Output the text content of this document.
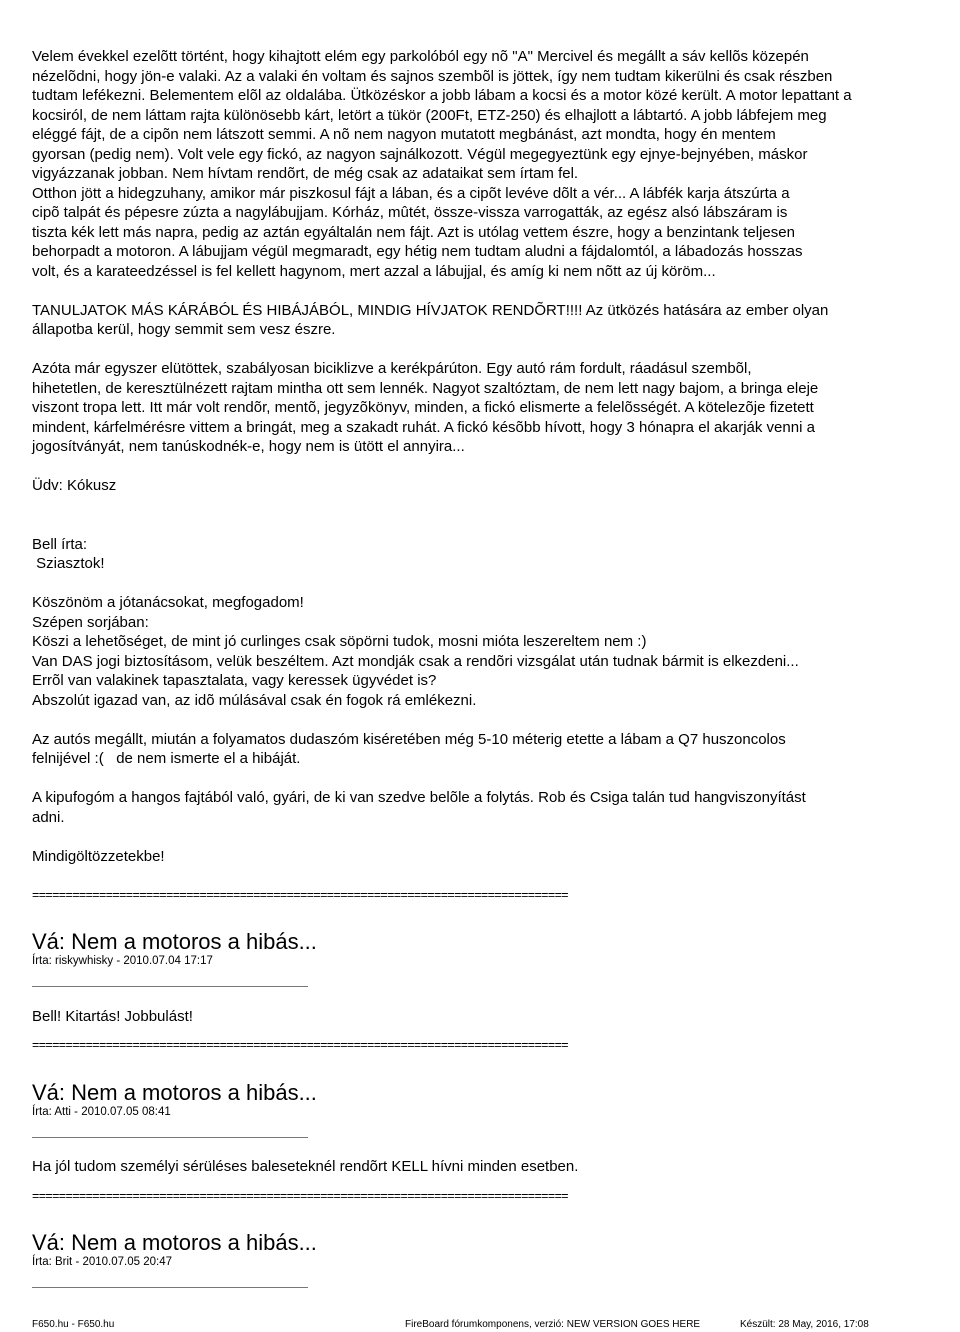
Velem évekkel ezelõtt történt, hogy kihajtott elém egy parkolóból egy nõ "A" Mercivel és megállt a sáv kellõs közepén
nézelõdni, hogy jön-e valaki. Az a valaki én voltam és sajnos szembõl is jöttek, így nem tudtam kikerülni és csak részben
tudtam lefékezni. Belementem elõl az oldalába. Ütközéskor a jobb lábam a kocsi és a motor közé került. A motor lepattant a
kocsiról, de nem láttam rajta különösebb kárt, letört a tükör (200Ft, ETZ-250) és elhajlott a lábtartó. A jobb lábfejem meg
eléggé fájt, de a cipõn nem látszott semmi. A nõ nem nagyon mutatott megbánást, azt mondta, hogy én mentem
gyorsan (pedig nem). Volt vele egy fickó, az nagyon sajnálkozott. Végül megegyeztünk egy ejnye-bejnyében, máskor
vigyázzanak jobban. Nem hívtam rendõrt, de még csak az adataikat sem írtam fel.
Otthon jött a hidegzuhany, amikor már piszkosul fájt a lában, és a cipõt levéve dõlt a vér... A lábfék karja átszúrta a
cipõ talpát és pépesre zúzta a nagylábujjam. Kórház, mûtét, össze-vissza varrogatták, az egész alsó lábszáram is
tiszta kék lett más napra, pedig az aztán egyáltalán nem fájt. Azt is utólag vettem észre, hogy a benzintank teljesen
behorpadt a motoron. A lábujjam végül megmaradt, egy hétig nem tudtam aludni a fájdalomtól, a lábadozás hosszas
volt, és a karateedzéssel is fel kellett hagynom, mert azzal a lábujjal, és amíg ki nem nõtt az új köröm...
TANULJATOK MÁS KÁRÁBÓL ÉS HIBÁJÁBÓL, MINDIG HÍVJATOK RENDÕRT!!!! Az ütközés hatására az ember olyan
állapotba kerül, hogy semmit sem vesz észre.
Azóta már egyszer elütöttek, szabályosan biciklizve a kerékpárúton. Egy autó rám fordult, ráadásul szembõl,
hihetetlen, de keresztülnézett rajtam mintha ott sem lennék. Nagyot szaltóztam, de nem lett nagy bajom, a bringa eleje
viszont tropa lett. Itt már volt rendõr, mentõ, jegyzõkönyv, minden, a fickó elismerte a felelõsségét. A kötelezõje fizetett
mindent, kárfelmérésre vittem a bringát, meg a szakadt ruhát. A fickó késõbb hívott, hogy 3 hónapra el akarják venni a
jogosítványát, nem tanúskodnék-e, hogy nem is ütött el annyira...
Üdv: Kókusz
Bell írta:
Sziasztok!
Köszönöm a jótanácsokat, megfogadom!
Szépen sorjában:
Köszi a lehetõséget, de mint jó curlinges csak söpörni tudok, mosni mióta leszereltem nem :)
Van DAS jogi biztosításom, velük beszéltem. Azt mondják csak a rendõri vizsgálat után tudnak bármit is elkezdeni...
Errõl van valakinek tapasztalata, vagy keressek ügyvédet is?
Abszolút igazad van, az idõ múlásával csak én fogok rá emlékezni.
Az autós megállt, miután a folyamatos dudaszóm kiséretében még 5-10 méterig etette a lábam a Q7 huszoncolos
felnijével :(   de nem ismerte el a hibáját.
A kipufogóm a hangos fajtából való, gyári, de ki van szedve belõle a folytás. Rob és Csiga talán tud hangviszonyítást
adni.
Mindigöltözzetekbe!
================================================================================
Vá: Nem a motoros a hibás...
Írta: riskywhisky - 2010.07.04 17:17
Bell! Kitartás! Jobbulást!
================================================================================
Vá: Nem a motoros a hibás...
Írta: Atti - 2010.07.05 08:41
Ha jól tudom személyi sérüléses baleseteknél rendõrt KELL hívni minden esetben.
================================================================================
Vá: Nem a motoros a hibás...
Írta: Brit - 2010.07.05 20:47
F650.hu - F650.hu	FireBoard fórumkomponens, verzió: NEW VERSION GOES HERE	Készült: 28 May, 2016, 17:08
